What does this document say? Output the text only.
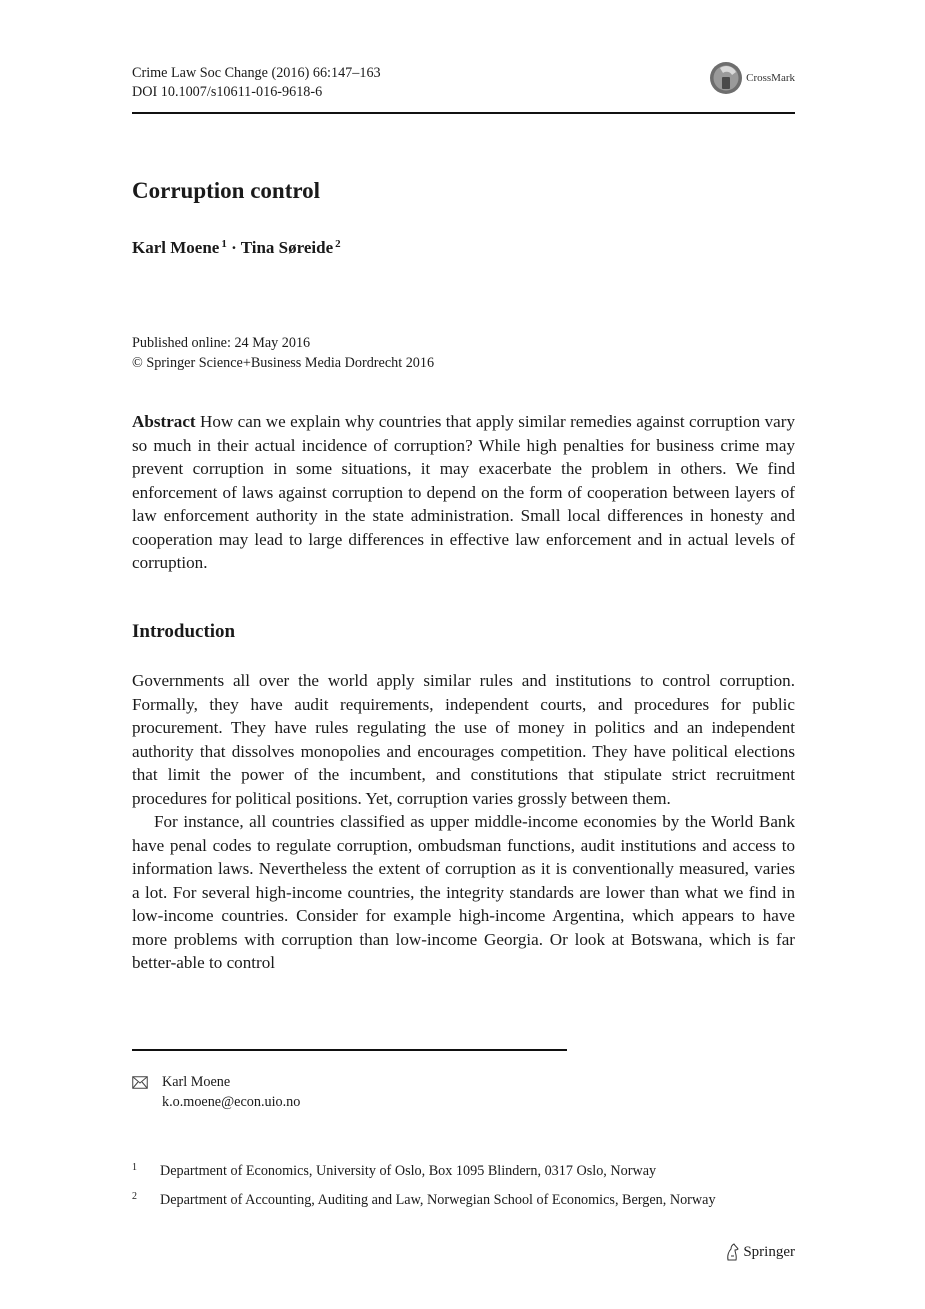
Crime Law Soc Change (2016) 66:147–163
DOI 10.1007/s10611-016-9618-6
CrossMark
Corruption control
Karl Moene $^1$ · Tina Søreide $^2$
Published online: 24 May 2016
© Springer Science+Business Media Dordrecht 2016

Abstract How can we explain why countries that apply similar remedies against corruption vary so much in their actual incidence of corruption? While high penalties for business crime may prevent corruption in some situations, it may exacerbate the problem in others. We find enforcement of laws against corruption to depend on the form of cooperation between layers of law enforcement authority in the state administration. Small local differences in honesty and cooperation may lead to large differences in effective law enforcement and in actual levels of corruption.

Introduction

Governments all over the world apply similar rules and institutions to control corruption. Formally, they have audit requirements, independent courts, and procedures for public procurement. They have rules regulating the use of money in politics and an independent authority that dissolves monopolies and encourages competition. They have political elections that limit the power of the incumbent, and constitutions that stipulate strict recruitment procedures for political positions. Yet, corruption varies grossly between them.

For instance, all countries classified as upper middle-income economies by the World Bank have penal codes to regulate corruption, ombudsman functions, audit institutions and access to information laws. Nevertheless the extent of corruption as it is conventionally measured, varies a lot. For several high-income countries, the integrity standards are lower than what we find in low-income countries. Consider for example high-income Argentina, which appears to have more problems with corruption than low-income Georgia. Or look at Botswana, which is far better-able to control

Karl Moene
k.o.moene@econ.uio.no
1	Department of Economics, University of Oslo, Box 1095 Blindern, 0317 Oslo, Norway
2	Department of Accounting, Auditing and Law, Norwegian School of Economics, Bergen, Norway
Springer
